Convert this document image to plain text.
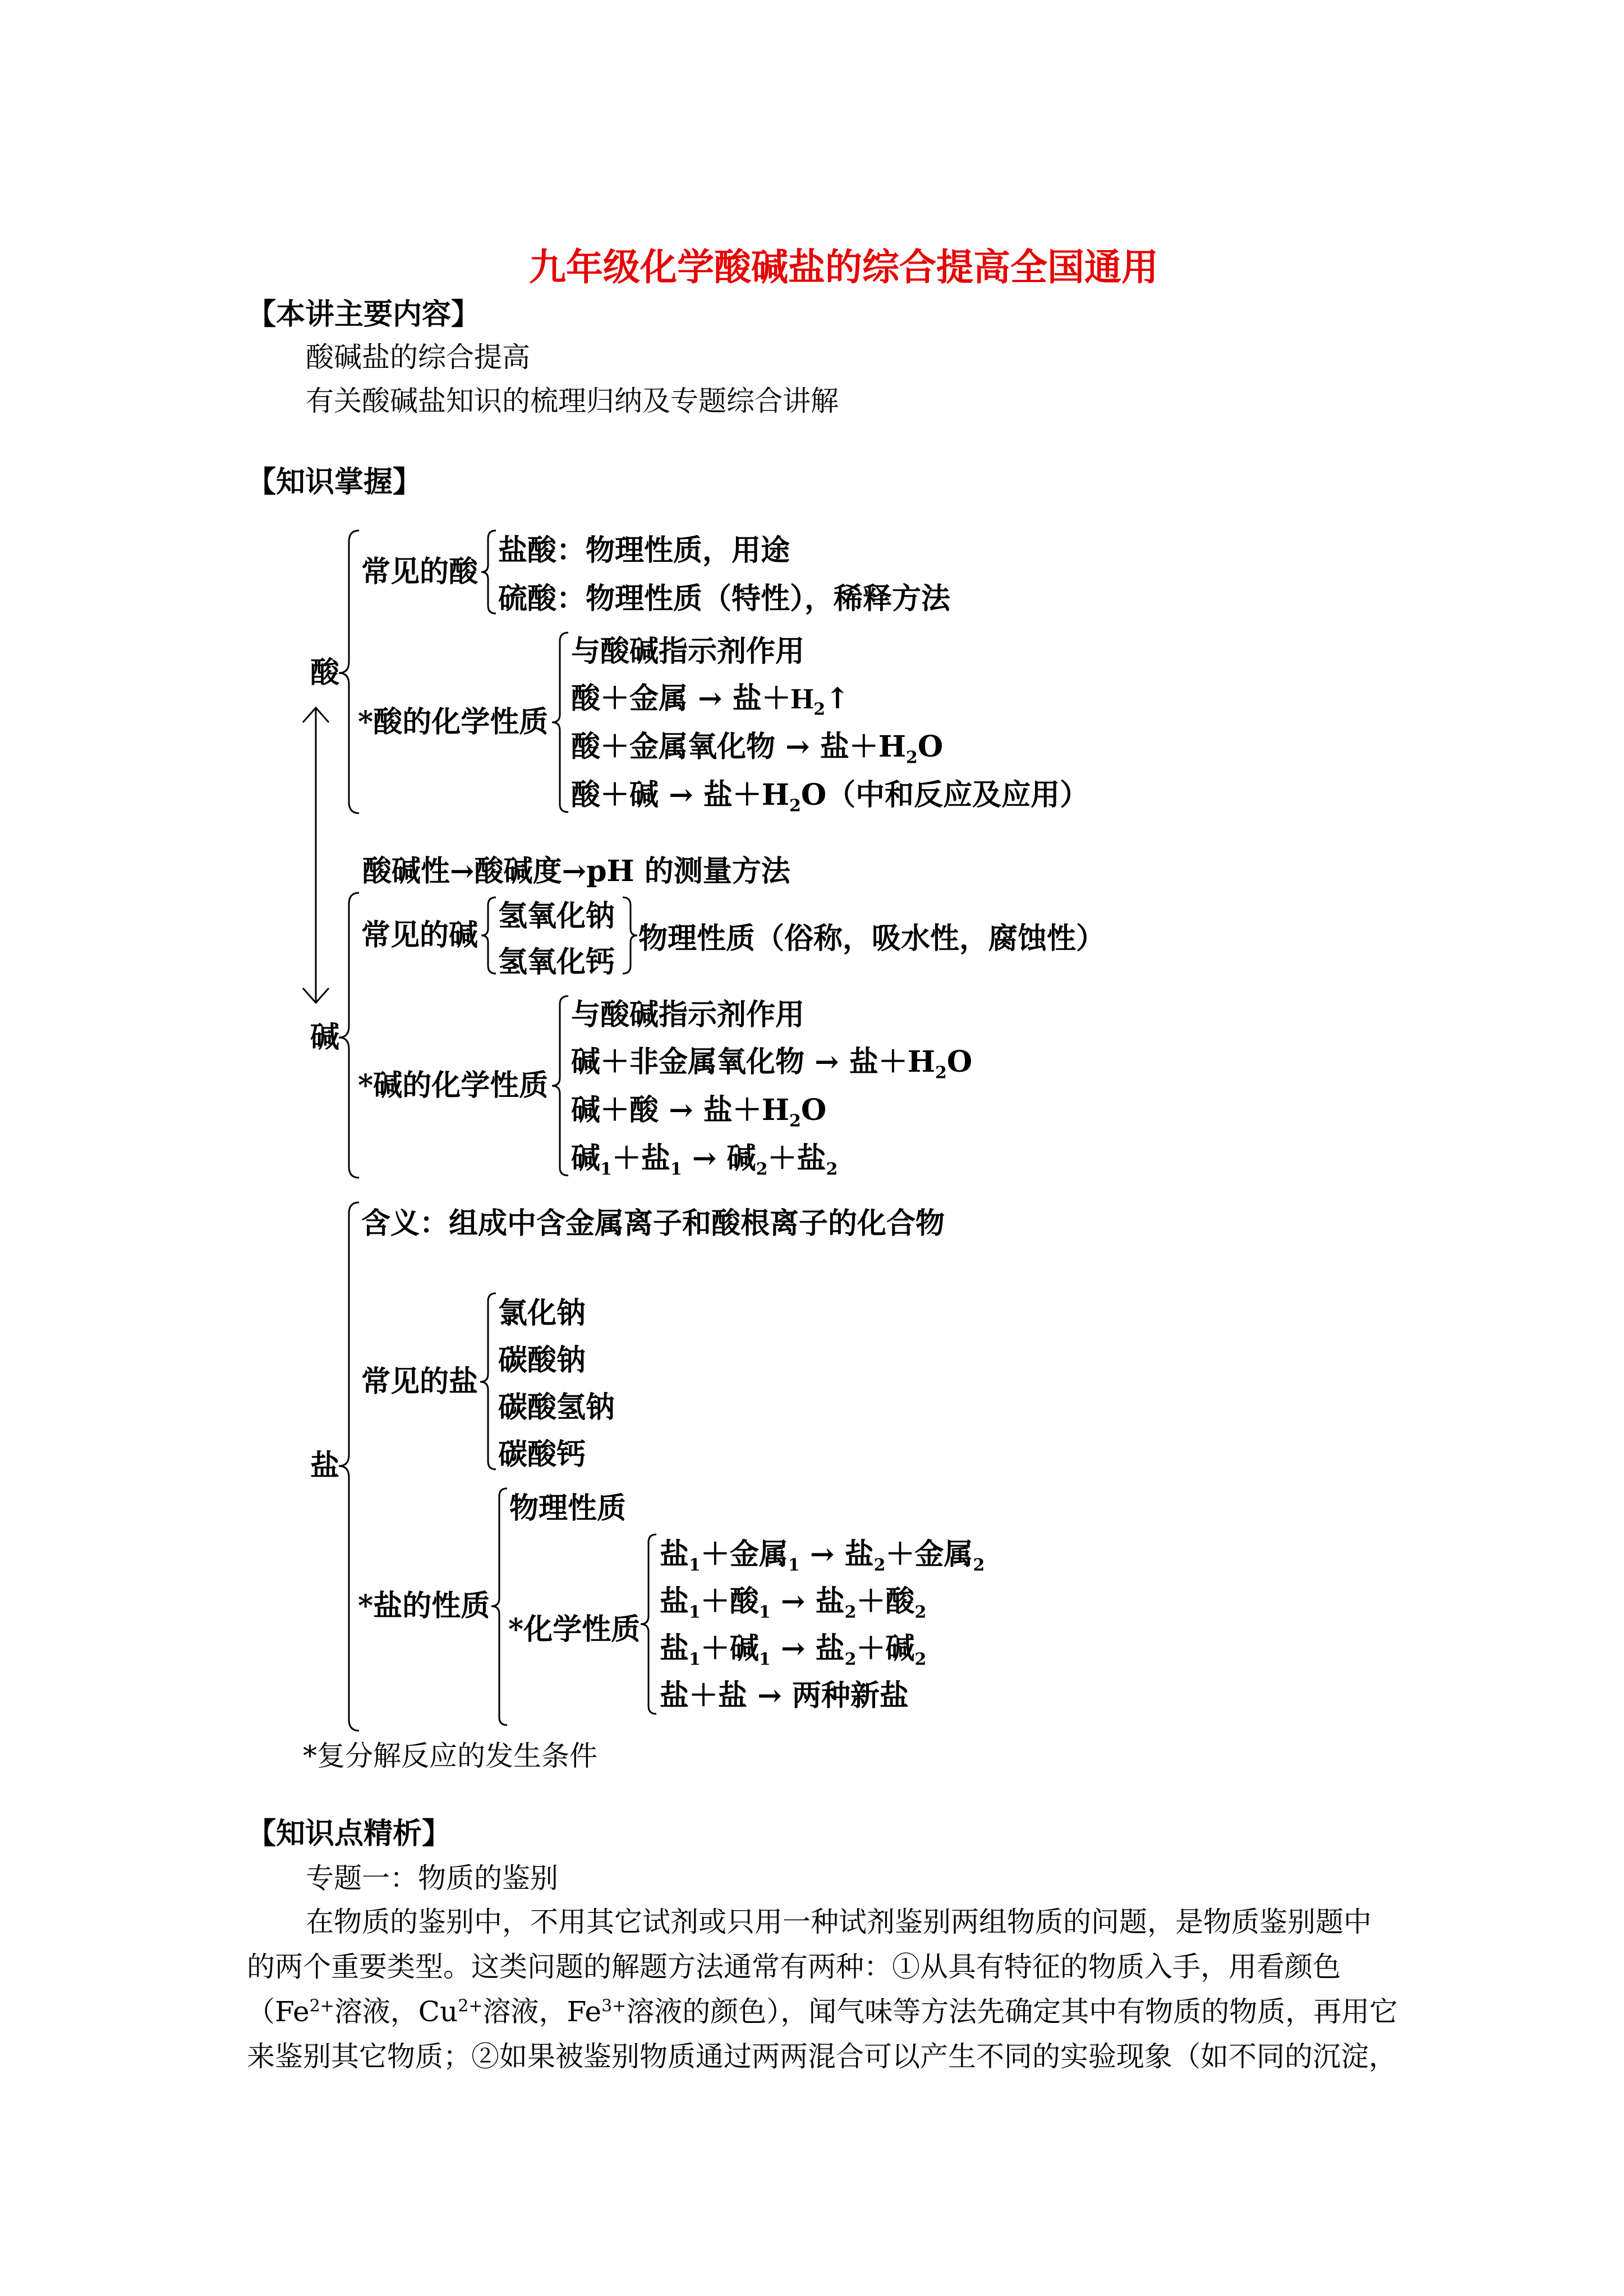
九年级化学酸碱盐的综合提高全国通用
【本讲主要内容】
酸碱盐的综合提高
有关酸碱盐知识的梳理归纳及专题综合讲解
【知识掌握】
酸
常见的酸
盐酸：物理性质，用途
硫酸：物理性质（特性），稀释方法
*酸的化学性质
与酸碱指示剂作用
酸＋金属 → 盐$+H_2↑$
酸＋金属氧化物 → 盐$+H_2O$
酸＋碱 → 盐$+H_2O$（中和反应及应用）
酸碱性→酸碱度→pH 的测量方法
碱
常见的碱
氢氧化钠
氢氧化钙
物理性质（俗称，吸水性，腐蚀性）
*碱的化学性质
与酸碱指示剂作用
碱＋非金属氧化物 → 盐$+H_2O$
碱＋酸 → 盐$+H_2O$
碱$_1$＋盐$_1$ → 碱$_2$＋盐$_2$
盐
含义：组成中含金属离子和酸根离子的化合物
常见的盐
氯化钠
碳酸钠
碳酸氢钠
碳酸钙
*盐的性质
物理性质
*化学性质
盐$_1$＋金属$_1$ → 盐$_2$＋金属$_2$
盐$_1$＋酸$_1$ → 盐$_2$＋酸$_2$
盐$_1$＋碱$_1$ → 盐$_2$＋碱$_2$
盐＋盐 → 两种新盐
*复分解反应的发生条件
【知识点精析】
专题一：物质的鉴别
在物质的鉴别中，不用其它试剂或只用一种试剂鉴别两组物质的问题，是物质鉴别题中
的两个重要类型。这类问题的解题方法通常有两种：①从具有特征的物质入手，用看颜色
（$Fe^{2+}$溶液，$Cu^{2+}$溶液，$Fe^{3+}$溶液的颜色），闻气味等方法先确定其中有物质的物质，再用它
来鉴别其它物质；②如果被鉴别物质通过两两混合可以产生不同的实验现象（如不同的沉淀，
